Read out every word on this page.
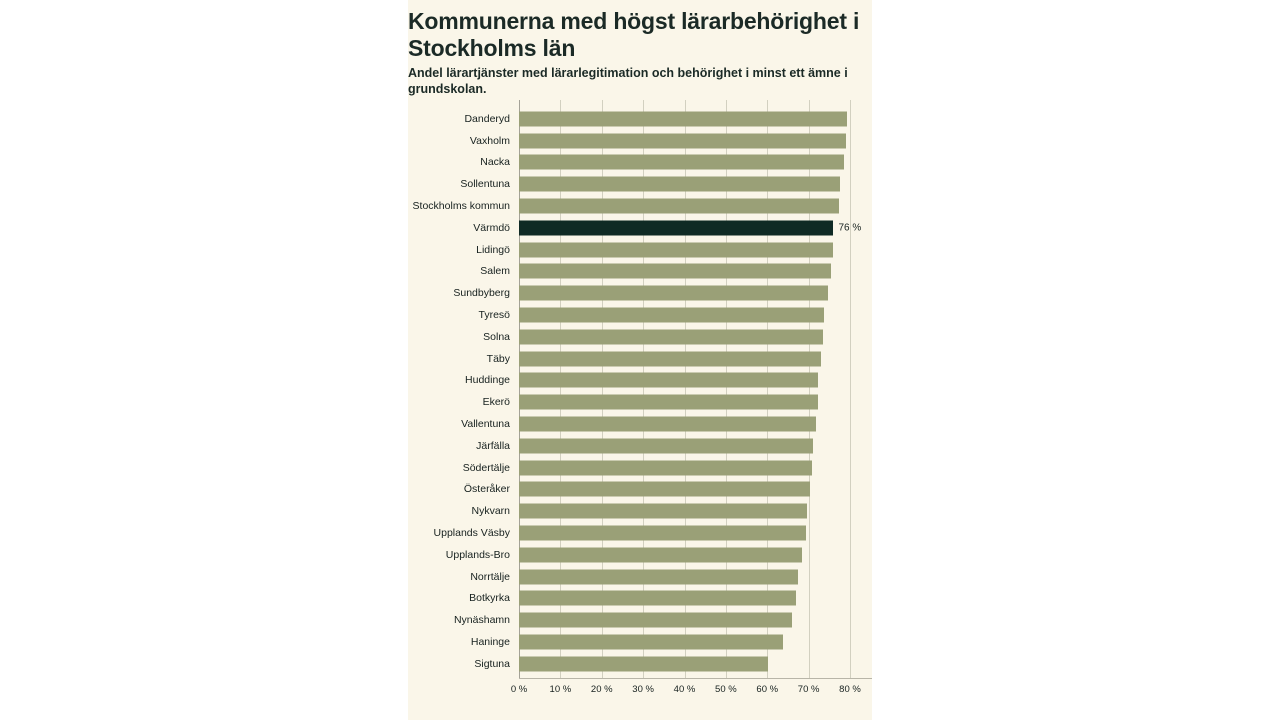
Kommunerna med högst lärarbehörighet i Stockholms län
Andel lärartjänster med lärarlegitimation och behörighet i minst ett ämne i grundskolan.
Danderyd
Vaxholm
Nacka
Sollentuna
Stockholms kommun
Värmdö	76 %
Lidingö
Salem
Sundbyberg
Tyresö
Solna
Täby
Huddinge
Ekerö
Vallentuna
Järfälla
Södertälje
Österåker
Nykvarn
Upplands Väsby
Upplands-Bro
Norrtälje
Botkyrka
Nynäshamn
Haninge
Sigtuna
0 % 10 % 20 % 30 % 40 % 50 % 60 % 70 % 80 %
